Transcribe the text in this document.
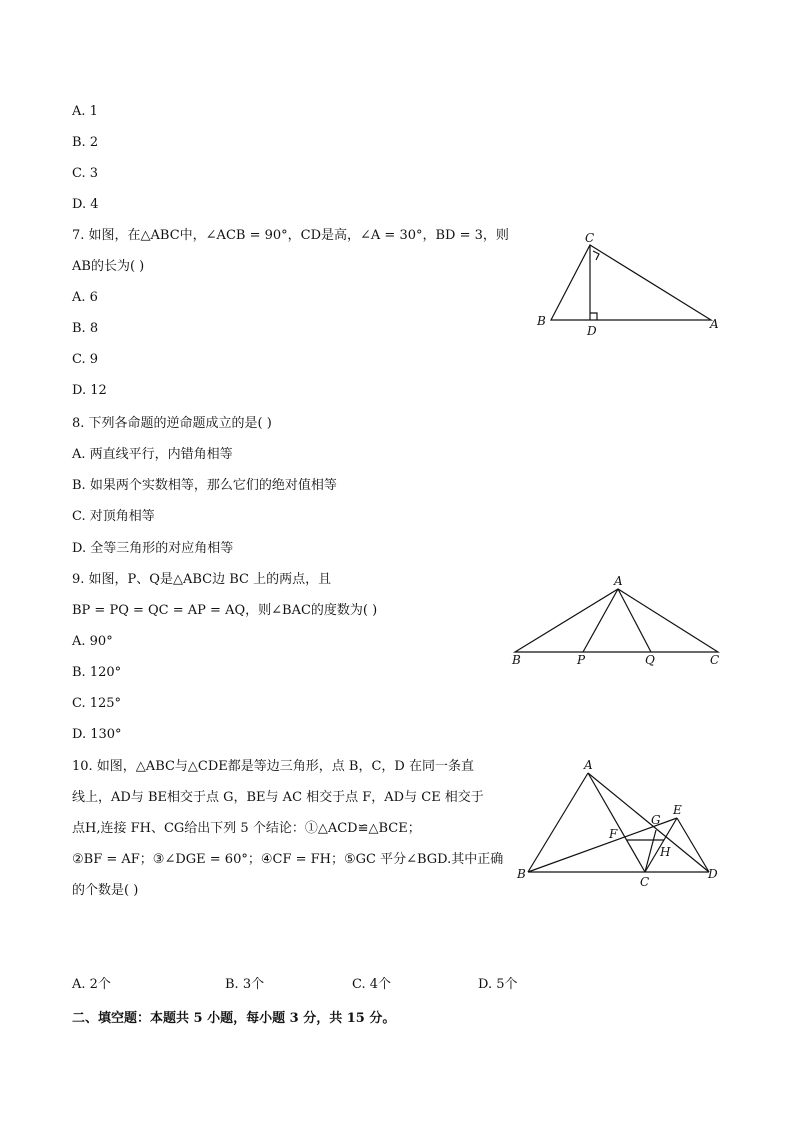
A. 1
B. 2
C. 3
D. 4
7. 如图，在△ABC中，∠ACB = 90°，CD是高，∠A = 30°，BD = 3，则
AB的长为( )
A. 6
B. 8
C. 9
D. 12
C
B
D	A
8. 下列各命题的逆命题成立的是( )
A. 两直线平行，内错角相等
B. 如果两个实数相等，那么它们的绝对值相等
C. 对顶角相等
D. 全等三角形的对应角相等
9. 如图，P、Q是△ABC边 BC 上的两点，且
BP = PQ = QC = AP = AQ，则∠BAC的度数为( )
A. 90°
B. 120°
C. 125°
D. 130°
A
B	P	Q	C
10. 如图，△ABC与△CDE都是等边三角形，点 B，C，D 在同一条直
线上，AD与 BE相交于点 G，BE与 AC 相交于点 F，AD与 CE 相交于
点H,连接 FH、CG给出下列 5 个结论：①△ACD≌△BCE；
②BF = AF；③∠DGE = 60°；④CF = FH；⑤GC 平分∠BGD.其中正确
的个数是( )
A
G
E
F
H
B
C
D
A. 2个	B. 3个	C. 4个	D. 5个
二、填空题：本题共 5 小题，每小题 3 分，共 15 分。
